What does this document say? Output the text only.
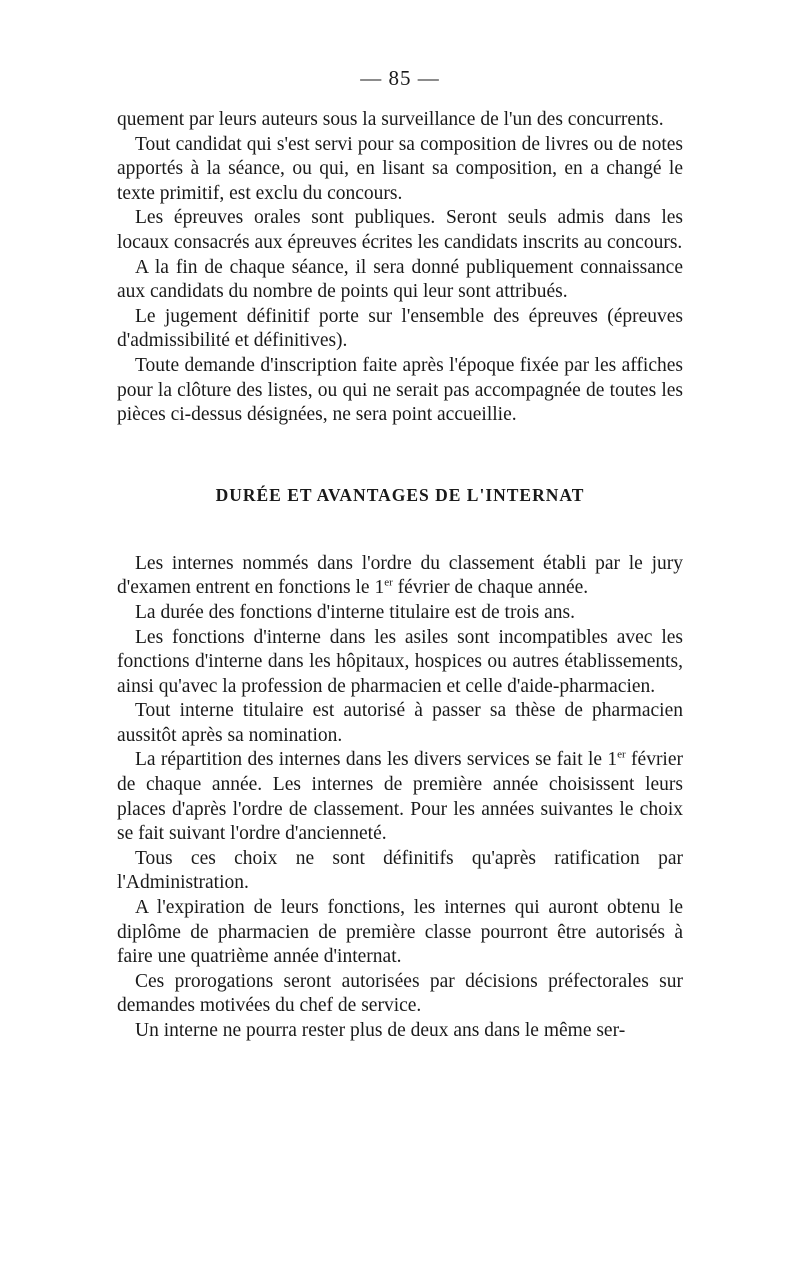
— 85 —

quement par leurs auteurs sous la surveillance de l'un des concurrents.

Tout candidat qui s'est servi pour sa composition de livres ou de notes apportés à la séance, ou qui, en lisant sa composition, en a changé le texte primitif, est exclu du concours.

Les épreuves orales sont publiques. Seront seuls admis dans les locaux consacrés aux épreuves écrites les candidats inscrits au concours.

A la fin de chaque séance, il sera donné publiquement connaissance aux candidats du nombre de points qui leur sont attribués.

Le jugement définitif porte sur l'ensemble des épreuves (épreuves d'admissibilité et définitives).

Toute demande d'inscription faite après l'époque fixée par les affiches pour la clôture des listes, ou qui ne serait pas accompagnée de toutes les pièces ci-dessus désignées, ne sera point accueillie.

DURÉE ET AVANTAGES DE L'INTERNAT

Les internes nommés dans l'ordre du classement établi par le jury d'examen entrent en fonctions le 1er février de chaque année.

La durée des fonctions d'interne titulaire est de trois ans.

Les fonctions d'interne dans les asiles sont incompatibles avec les fonctions d'interne dans les hôpitaux, hospices ou autres établissements, ainsi qu'avec la profession de pharmacien et celle d'aide-pharmacien.

Tout interne titulaire est autorisé à passer sa thèse de pharmacien aussitôt après sa nomination.

La répartition des internes dans les divers services se fait le 1er février de chaque année. Les internes de première année choisissent leurs places d'après l'ordre de classement. Pour les années suivantes le choix se fait suivant l'ordre d'ancienneté.

Tous ces choix ne sont définitifs qu'après ratification par l'Administration.

A l'expiration de leurs fonctions, les internes qui auront obtenu le diplôme de pharmacien de première classe pourront être autorisés à faire une quatrième année d'internat.

Ces prorogations seront autorisées par décisions préfectorales sur demandes motivées du chef de service.

Un interne ne pourra rester plus de deux ans dans le même ser-
